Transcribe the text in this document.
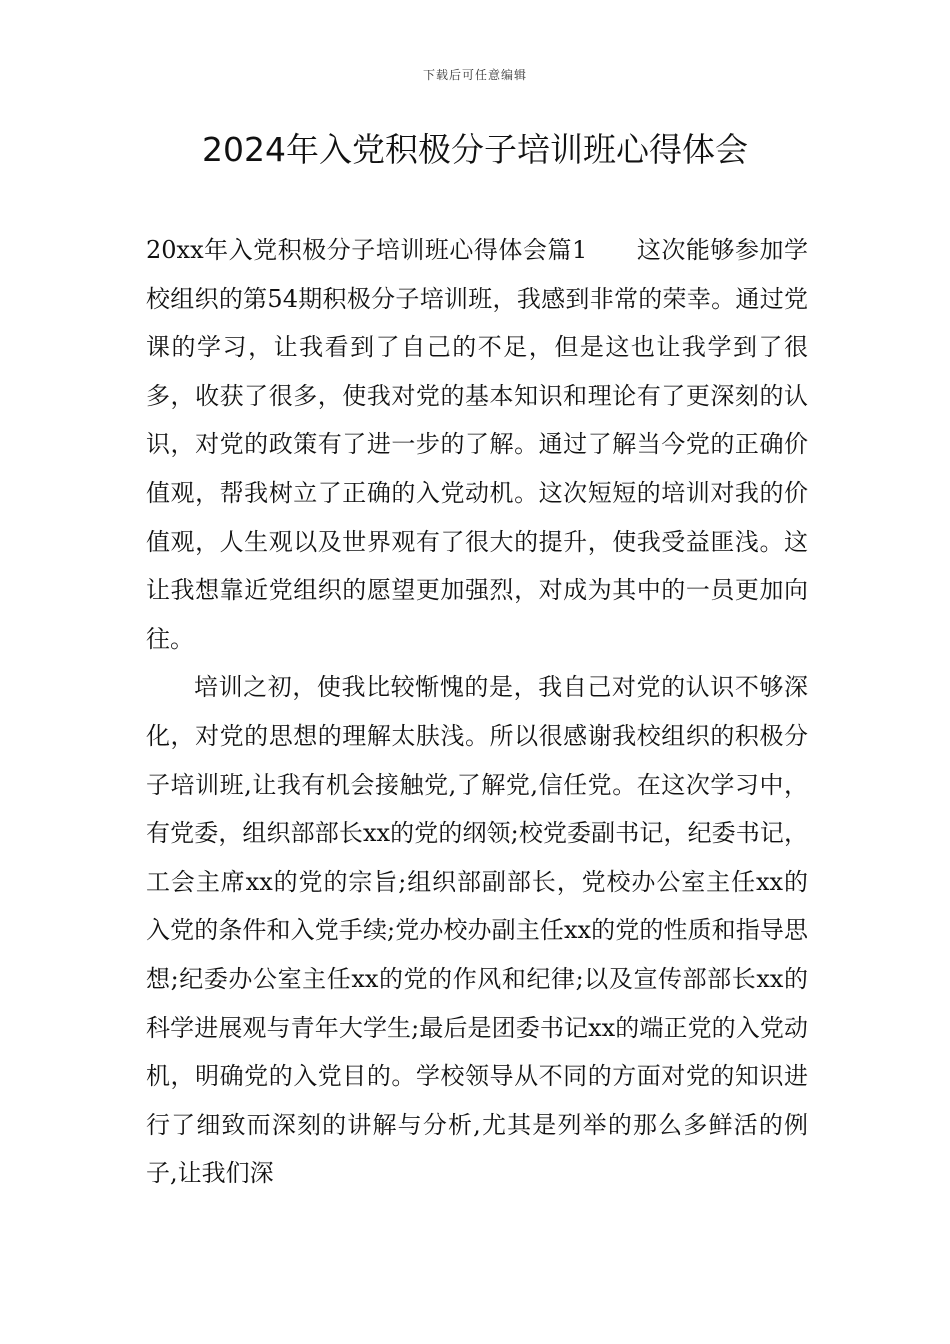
下载后可任意编辑
2024年入党积极分子培训班心得体会

20xx年入党积极分子培训班心得体会篇1　　这次能够参加学校组织的第54期积极分子培训班，我感到非常的荣幸。通过党课的学习，让我看到了自己的不足，但是这也让我学到了很多，收获了很多，使我对党的基本知识和理论有了更深刻的认识，对党的政策有了进一步的了解。通过了解当今党的正确价值观，帮我树立了正确的入党动机。这次短短的培训对我的价值观，人生观以及世界观有了很大的提升，使我受益匪浅。这让我想靠近党组织的愿望更加强烈，对成为其中的一员更加向往。

培训之初，使我比较惭愧的是，我自己对党的认识不够深化，对党的思想的理解太肤浅。所以很感谢我校组织的积极分子培训班,让我有机会接触党,了解党,信任党。在这次学习中，有党委，组织部部长xx的党的纲领;校党委副书记，纪委书记，工会主席xx的党的宗旨;组织部副部长，党校办公室主任xx的入党的条件和入党手续;党办校办副主任xx的党的性质和指导思想;纪委办公室主任xx的党的作风和纪律;以及宣传部部长xx的科学进展观与青年大学生;最后是团委书记xx的端正党的入党动机，明确党的入党目的。学校领导从不同的方面对党的知识进行了细致而深刻的讲解与分析,尤其是列举的那么多鲜活的例子,让我们深
